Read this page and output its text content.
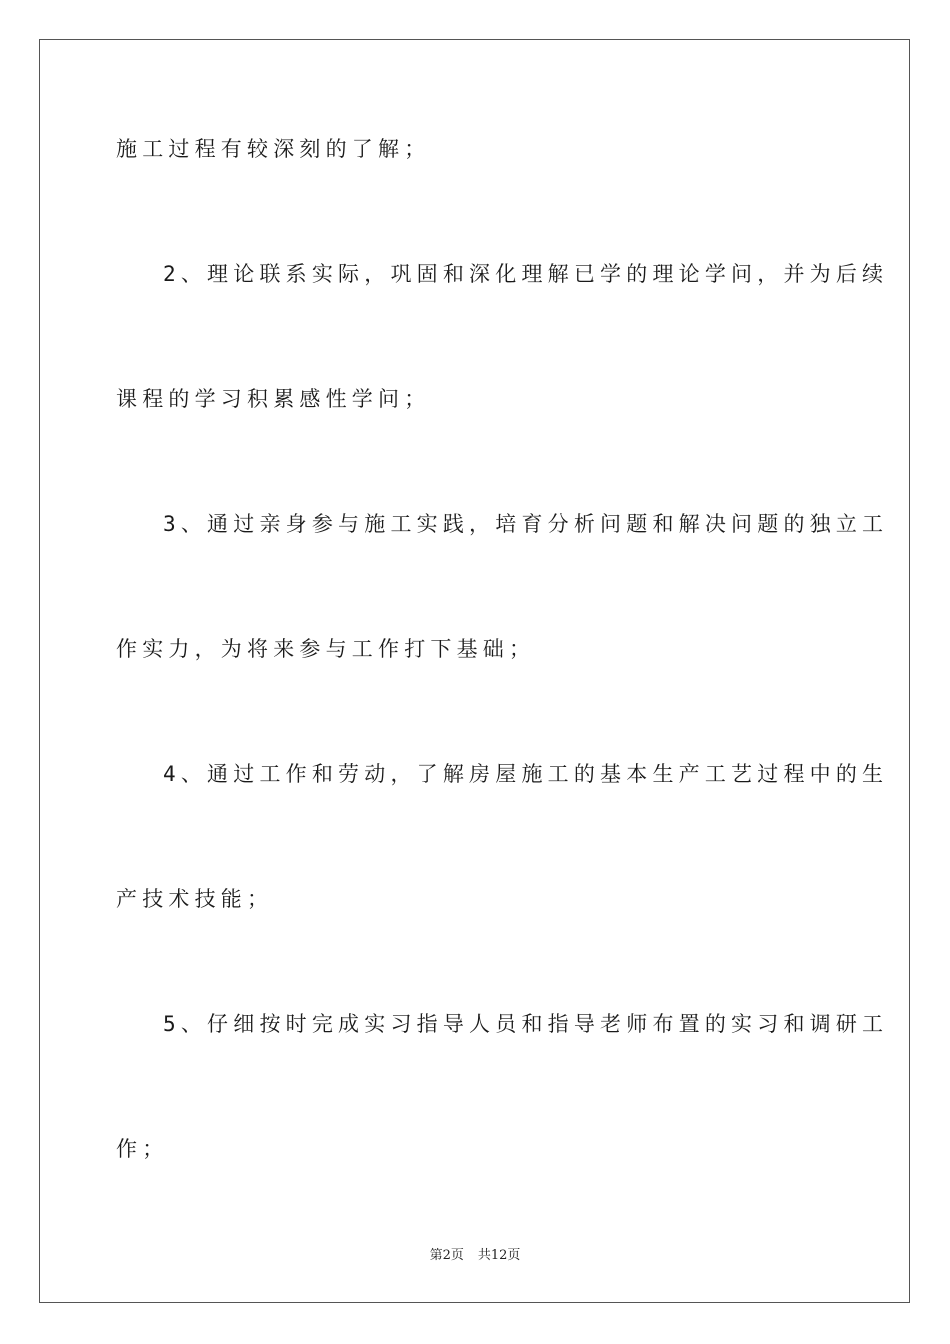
施工过程有较深刻的了解；
2、理论联系实际，巩固和深化理解已学的理论学问，并为后续
课程的学习积累感性学问；
3、通过亲身参与施工实践，培育分析问题和解决问题的独立工
作实力，为将来参与工作打下基础；
4、通过工作和劳动，了解房屋施工的基本生产工艺过程中的生
产技术技能；
5、仔细按时完成实习指导人员和指导老师布置的实习和调研工
作；
第2页 共12页
